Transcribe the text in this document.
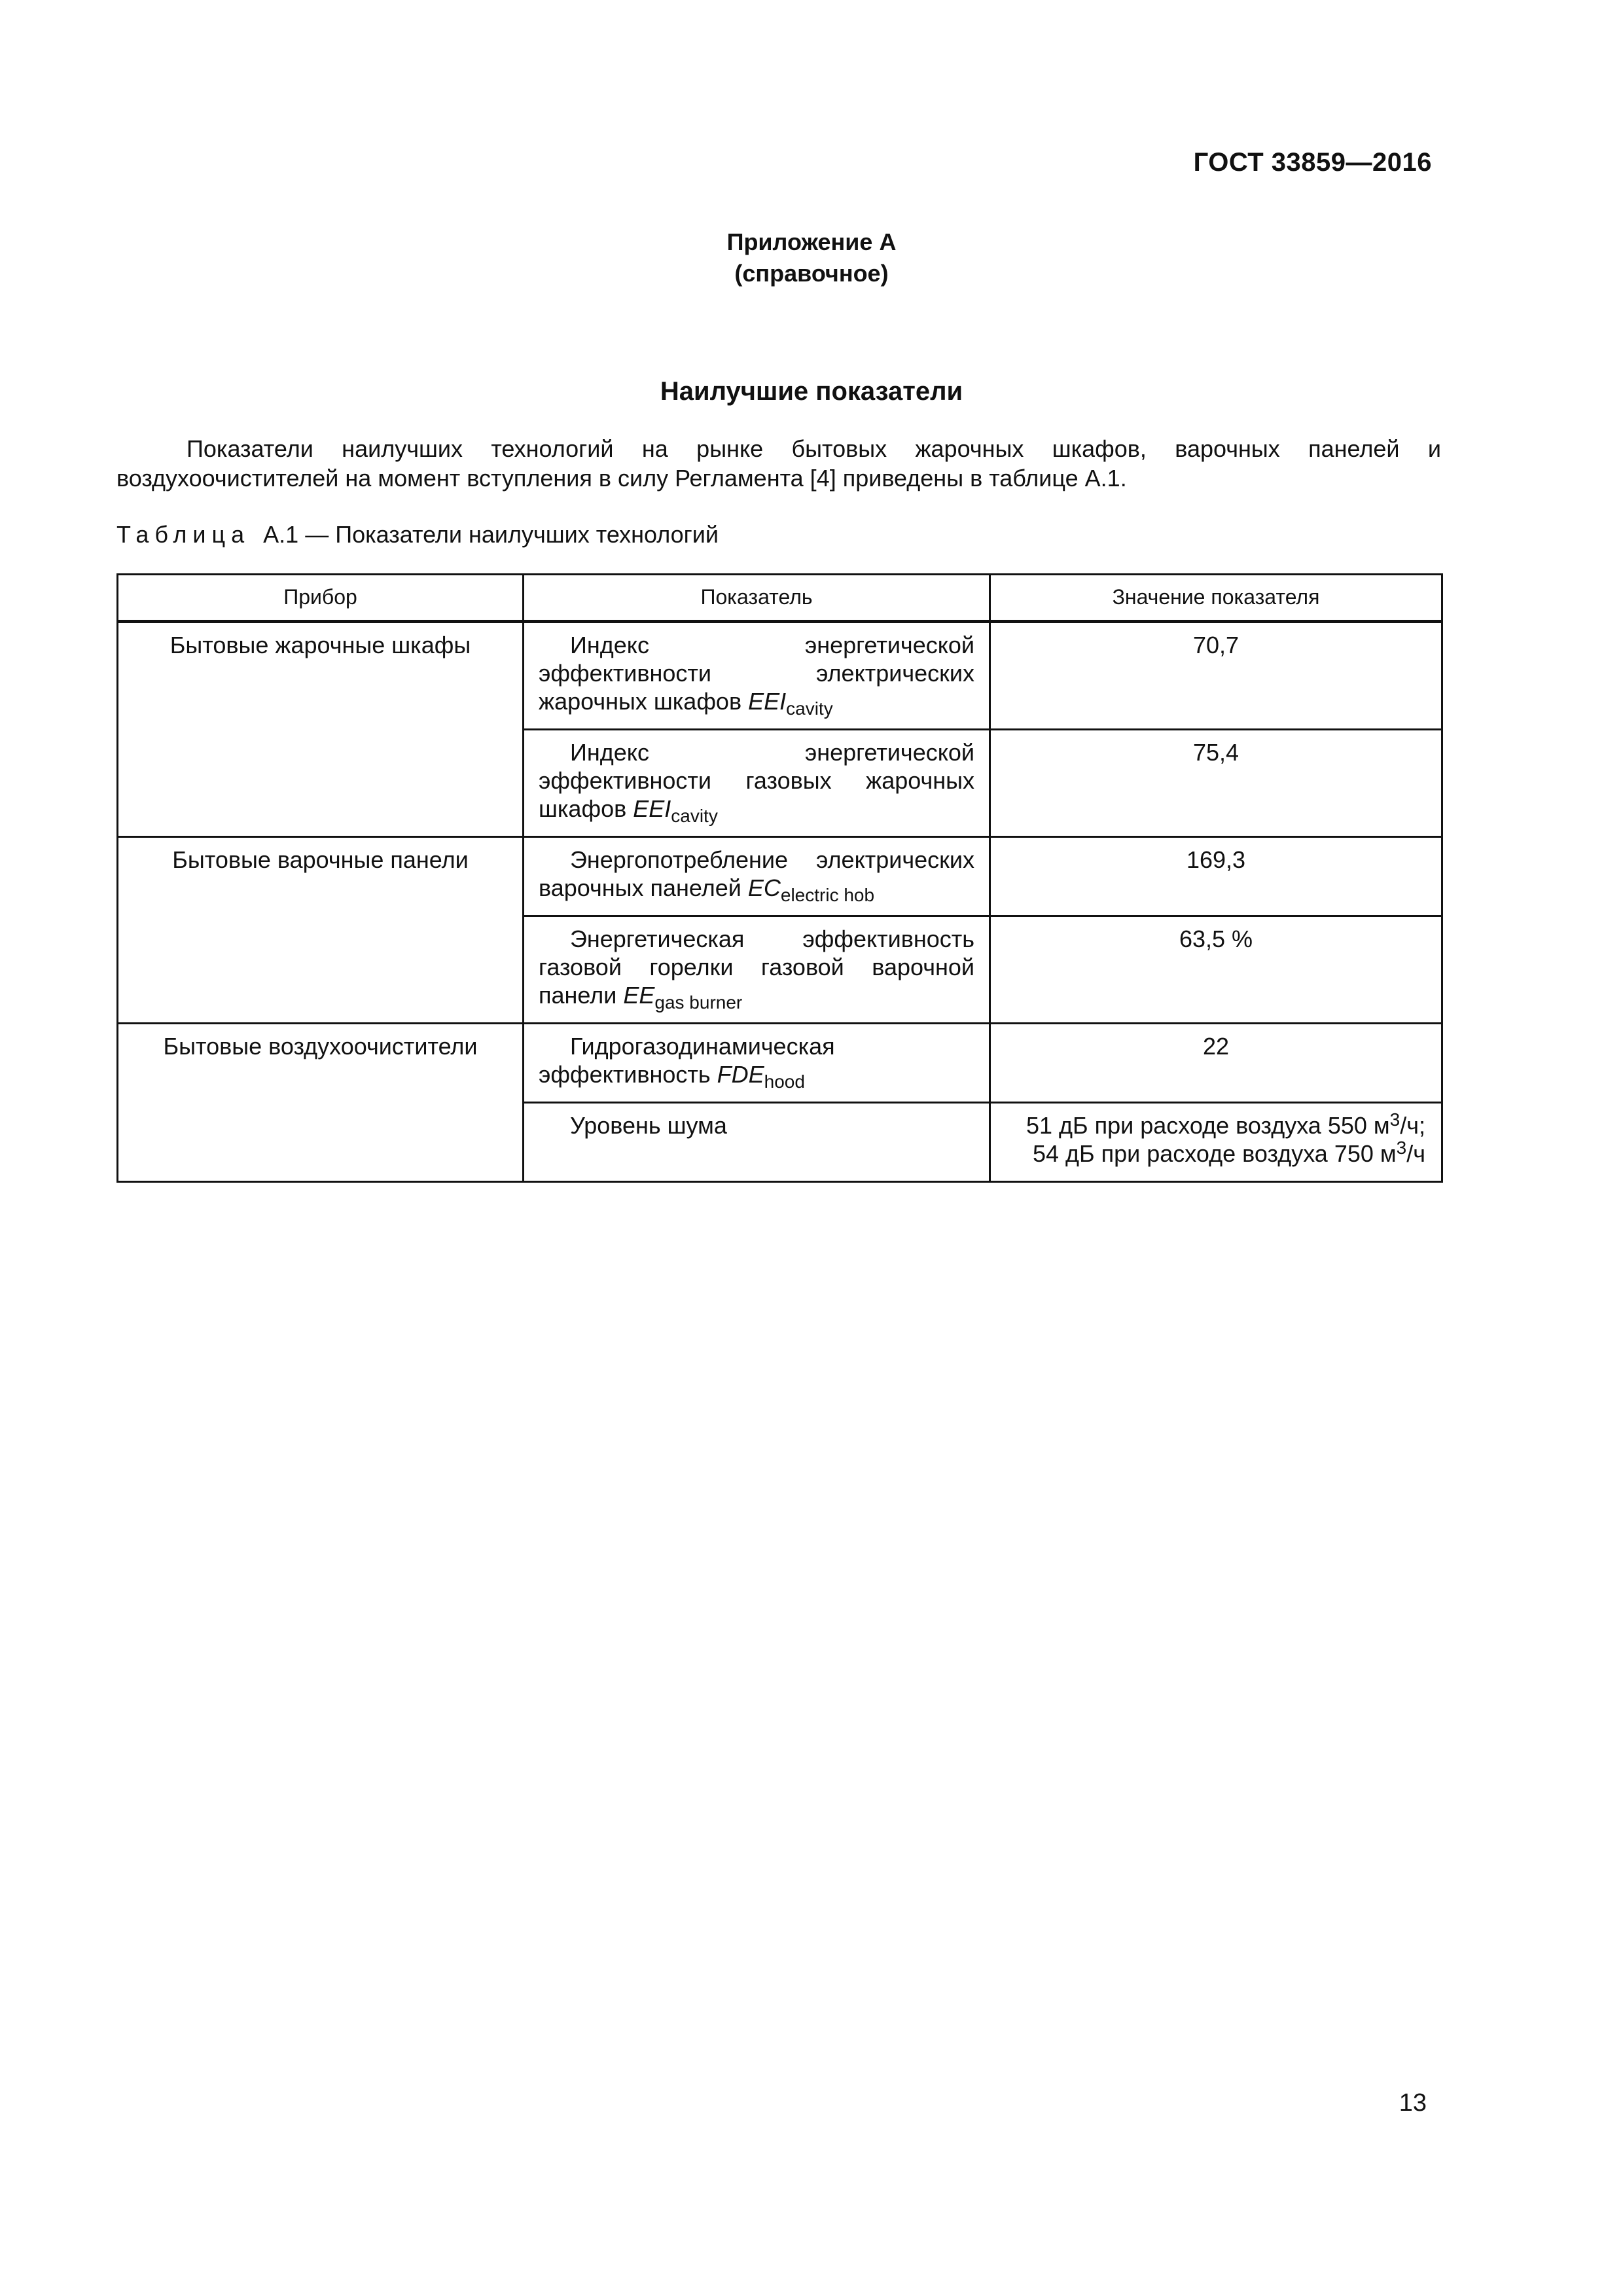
ГОСТ 33859—2016
Приложение А
(справочное)
Наилучшие показатели

Показатели наилучших технологий на рынке бытовых жарочных шкафов, варочных панелей и воздухоочистителей на момент вступления в силу Регламента [4] приведены в таблице А.1.

Таблица А.1 — Показатели наилучших технологий
Прибор	Показатель	Значение показателя
Бытовые жарочные шкафы	Индекс энергетической эффективности электрических жарочных шкафов $EEI_{cavity}$	70,7
	Индекс энергетической эффективности газовых жарочных шкафов $EEI_{cavity}$	75,4
Бытовые варочные панели	Энергопотребление электрических варочных панелей $EC_{electric hob}$	169,3
	Энергетическая эффективность газовой горелки газовой варочной панели $EE_{gas burner}$	63,5 %
Бытовые воздухоочистители	Гидрогазодинамическая эффективность $FDE_{hood}$	22
	Уровень шума	51 дБ при расходе воздуха 550 $м^3/ч$;
54 дБ при расходе воздуха 750 $м^3/ч$
13
